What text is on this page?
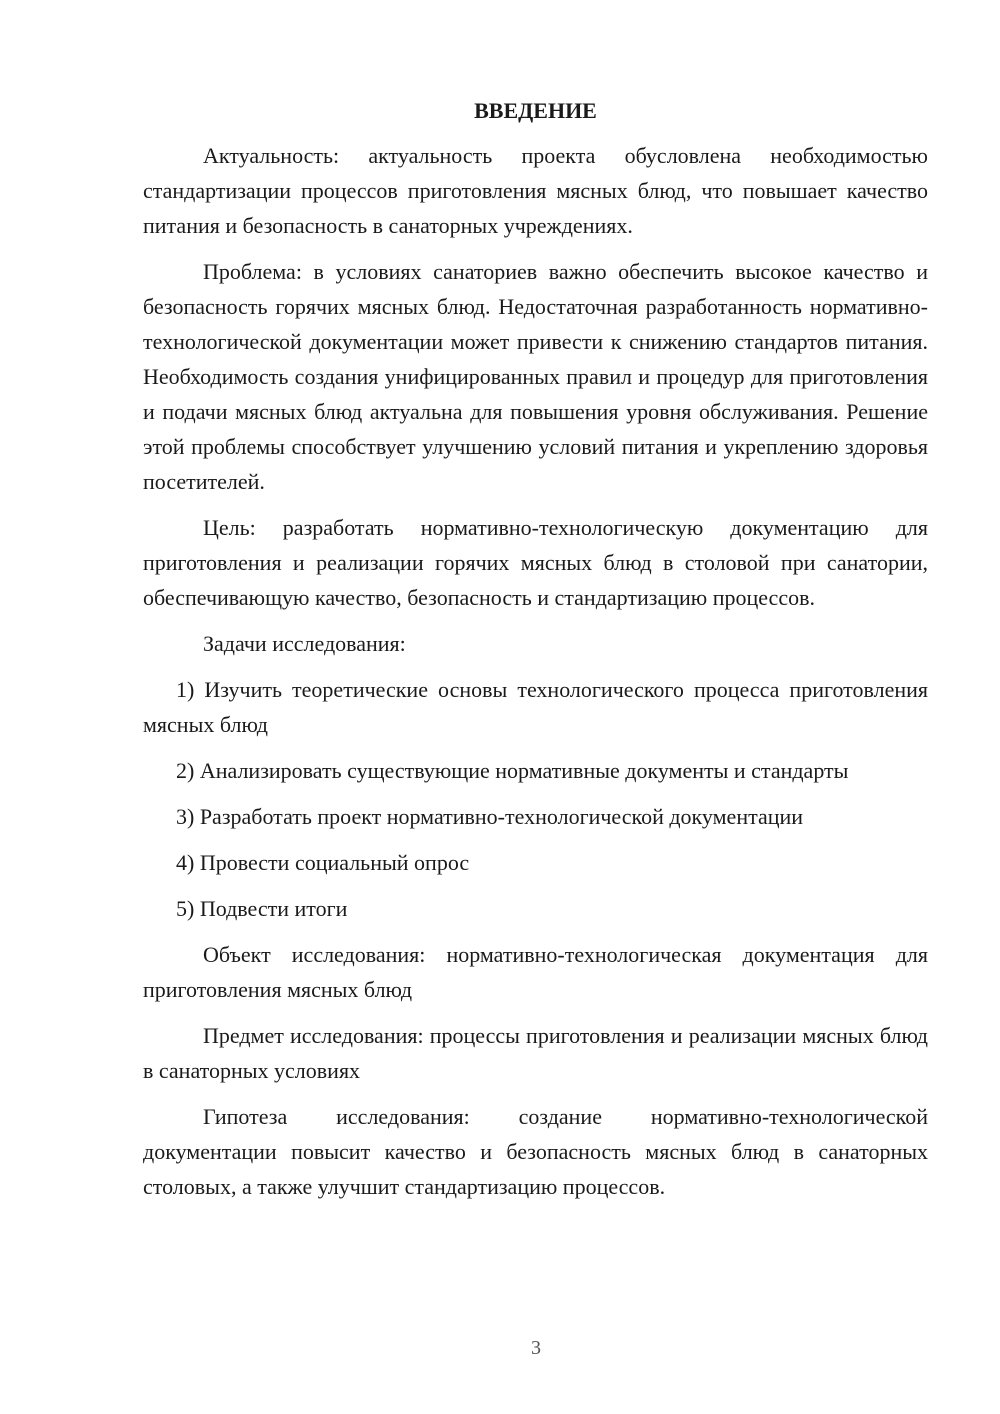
ВВЕДЕНИЕ

Актуальность: актуальность проекта обусловлена необходимостью стандартизации процессов приготовления мясных блюд, что повышает качество питания и безопасность в санаторных учреждениях.

Проблема: в условиях санаториев важно обеспечить высокое качество и безопасность горячих мясных блюд. Недостаточная разработанность нормативно-технологической документации может привести к снижению стандартов питания. Необходимость создания унифицированных правил и процедур для приготовления и подачи мясных блюд актуальна для повышения уровня обслуживания. Решение этой проблемы способствует улучшению условий питания и укреплению здоровья посетителей.

Цель: разработать нормативно-технологическую документацию для приготовления и реализации горячих мясных блюд в столовой при санатории, обеспечивающую качество, безопасность и стандартизацию процессов.

Задачи исследования:

1) Изучить теоретические основы технологического процесса приготовления мясных блюд

2) Анализировать существующие нормативные документы и стандарты

3) Разработать проект нормативно-технологической документации

4) Провести социальный опрос

5) Подвести итоги

Объект исследования: нормативно-технологическая документация для приготовления мясных блюд

Предмет исследования: процессы приготовления и реализации мясных блюд в санаторных условиях

Гипотеза исследования: создание нормативно-технологической документации повысит качество и безопасность мясных блюд в санаторных столовых, а также улучшит стандартизацию процессов.

3
